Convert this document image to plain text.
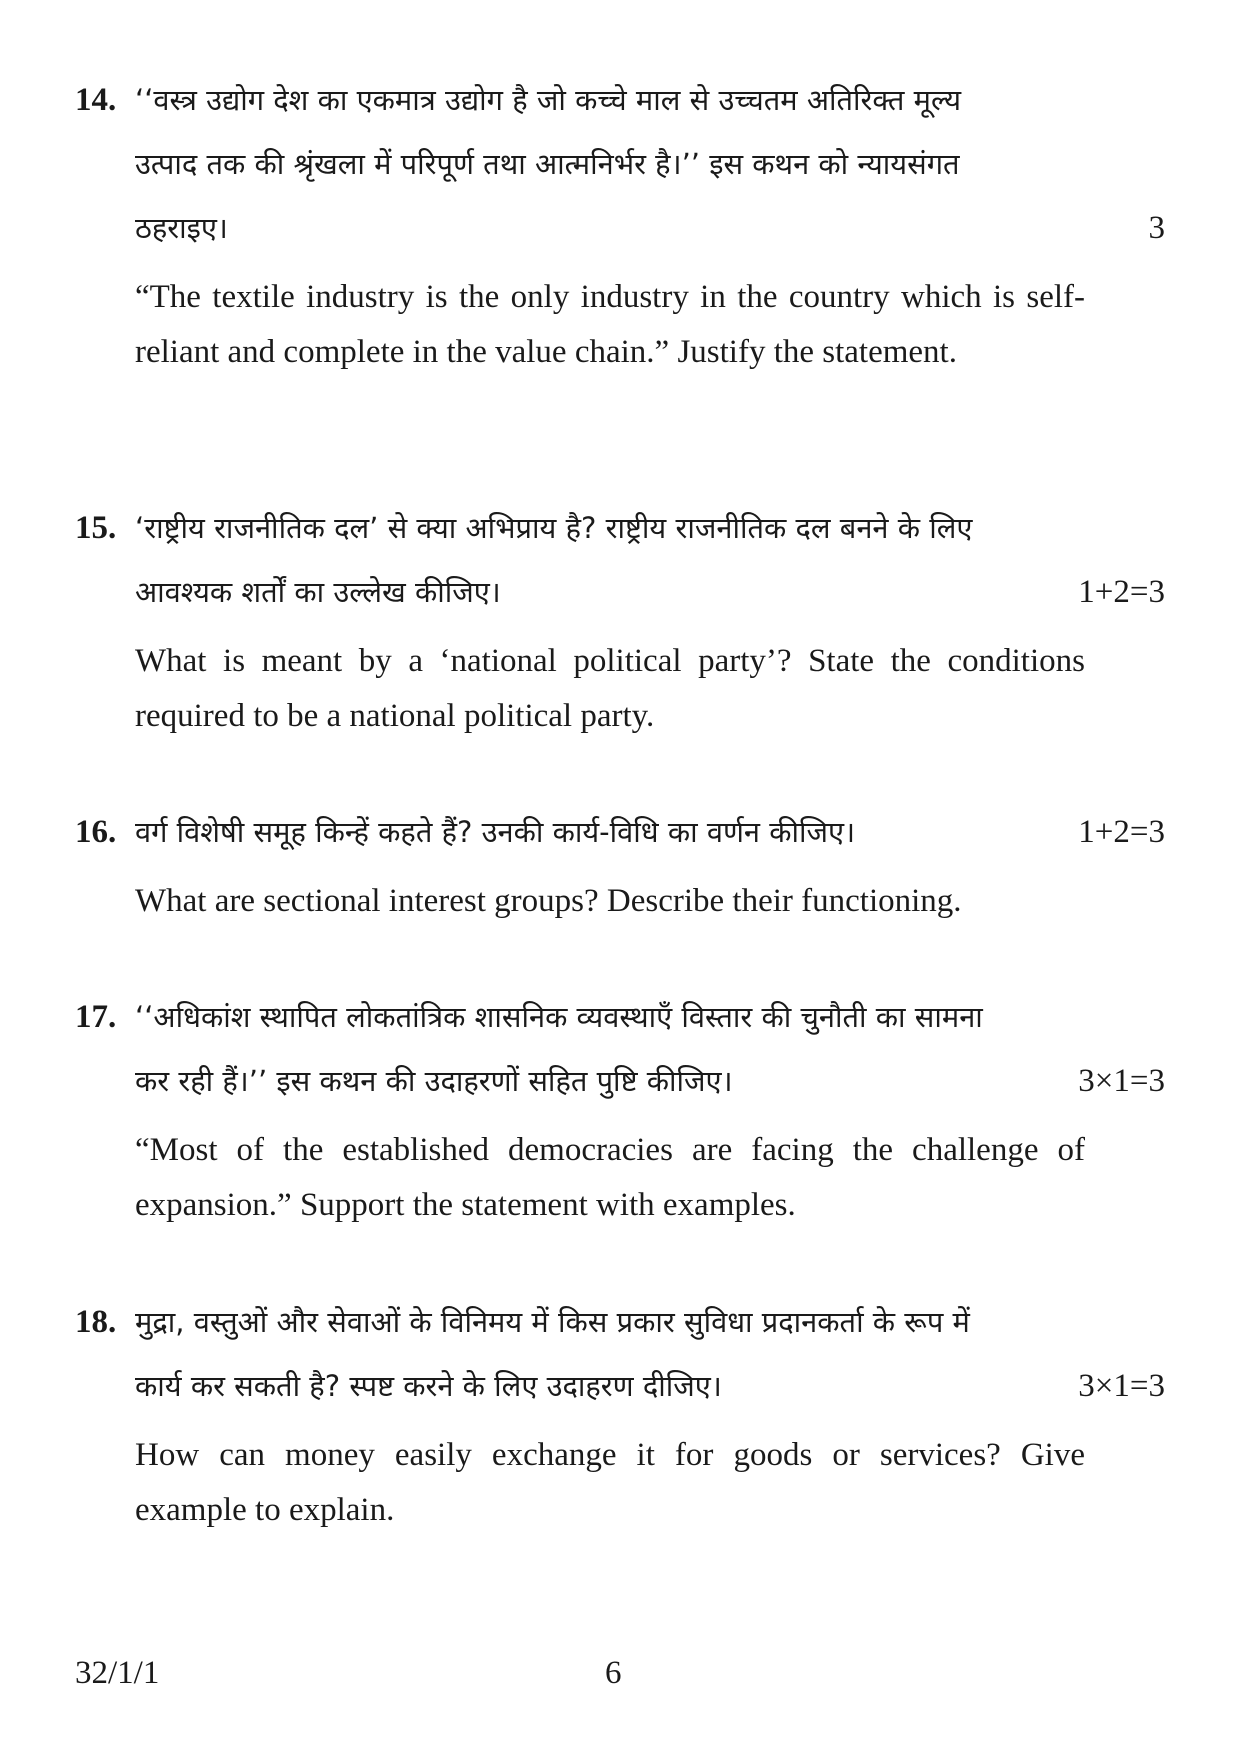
14. ‘‘वस्त्र उद्योग देश का एकमात्र उद्योग है जो कच्चे माल से उच्चतम अतिरिक्त मूल्य
उत्पाद तक की श्रृंखला में परिपूर्ण तथा आत्मनिर्भर है।’’ इस कथन को न्यायसंगत
ठहराइए।	3
“The textile industry is the only industry in the country which is self-reliant and complete in the value chain.” Justify the statement.
15. ‘राष्ट्रीय राजनीतिक दल’ से क्या अभिप्राय है? राष्ट्रीय राजनीतिक दल बनने के लिए
आवश्यक शर्तों का उल्लेख कीजिए।	1+2=3
What is meant by a ‘national political party’? State the conditions required to be a national political party.
16. वर्ग विशेषी समूह किन्हें कहते हैं? उनकी कार्य-विधि का वर्णन कीजिए।	1+2=3
What are sectional interest groups? Describe their functioning.
17. ‘‘अधिकांश स्थापित लोकतांत्रिक शासनिक व्यवस्थाएँ विस्तार की चुनौती का सामना
कर रही हैं।’’ इस कथन की उदाहरणों सहित पुष्टि कीजिए।	3×1=3
“Most of the established democracies are facing the challenge of expansion.” Support the statement with examples.
18. मुद्रा, वस्तुओं और सेवाओं के विनिमय में किस प्रकार सुविधा प्रदानकर्ता के रूप में
कार्य कर सकती है? स्पष्ट करने के लिए उदाहरण दीजिए।	3×1=3
How can money easily exchange it for goods or services? Give example to explain.
32/1/1	6
